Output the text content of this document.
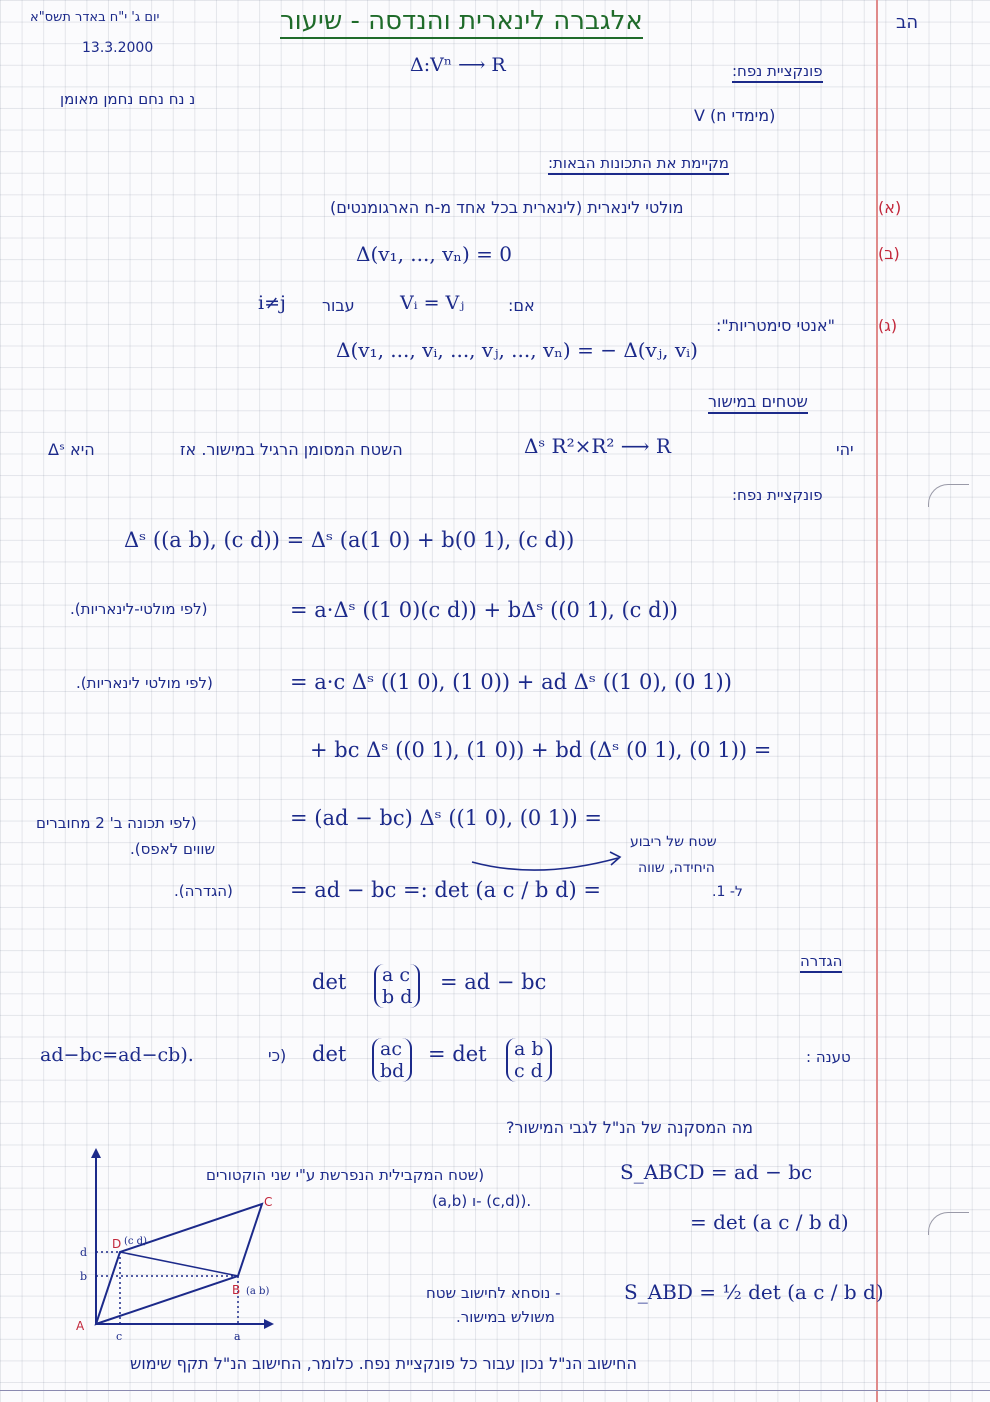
יום ג' י"ח באדר תשס"א
13.3.2000
אלגברה לינארית והנדסה - שיעור	הב
נ נח נחם נחמן מאומן
Δ:Vⁿ ⟶ R	פונקציית נפח:
V (n מימדי)
מקיימת את התכונות הבאות:
(א)
מולטי לינארית (לינארית בכל אחד מ-n הארגומנטים)
(ב)
Δ(v₁, ..., vₙ) = 0
אם:
Vᵢ = Vⱼ
עבור
i≠j
(ג)
"אנטי סימטריות":
Δ(v₁, ..., vᵢ, ..., vⱼ, ..., vₙ) = − Δ(vⱼ, vᵢ)
שטחים במישור
יהי
Δˢ R²×R² ⟶ R
השטח המסומן הרגיל במישור. אז
Δˢ היא
פונקציית נפח:
Δˢ ((a b), (c d)) = Δˢ (a(1 0) + b(0 1), (c d))
(לפי מולטי-לינאריות).	= a·Δˢ ((1 0)(c d)) + bΔˢ ((0 1), (c d))
(לפי מולטי לינאריות).	= a·c Δˢ ((1 0), (1 0)) + ad Δˢ ((1 0), (0 1))
+ bc Δˢ ((0 1), (1 0)) + bd (Δˢ (0 1), (0 1)) =
(לפי תכונה ב' 2 מחוברים
שווים לאפס).
= (ad − bc) Δˢ ((1 0), (0 1)) =
שטח של ריבוע
היחידה, שווה
ל- 1.
(הגדרה).	= ad − bc =: det (a c / b d) =
הגדרה
det a c
b d
= ad − bc
טענה :
det ac
bd
= det a b
c d
(כי
ad−bc=ad−cb).
מה המסקנה של הנ"ל לגבי המישור?
S_ABCD = ad − bc
(שטח המקבילית הנפרשת ע"י שני הוקטורים
(a,b) ו- (c,d)).
= det (a c / b d)
S_ABD = ½ det (a c / b d)
- נוסחא לחישוב שטח
משולש במישור.
החישוב הנ"ל נכון עבור כל פונקציית נפח. כלומר, החישוב הנ"ל תקף שימוש
A
B
C
D
(a b)
(c d)
c	a
d
b
